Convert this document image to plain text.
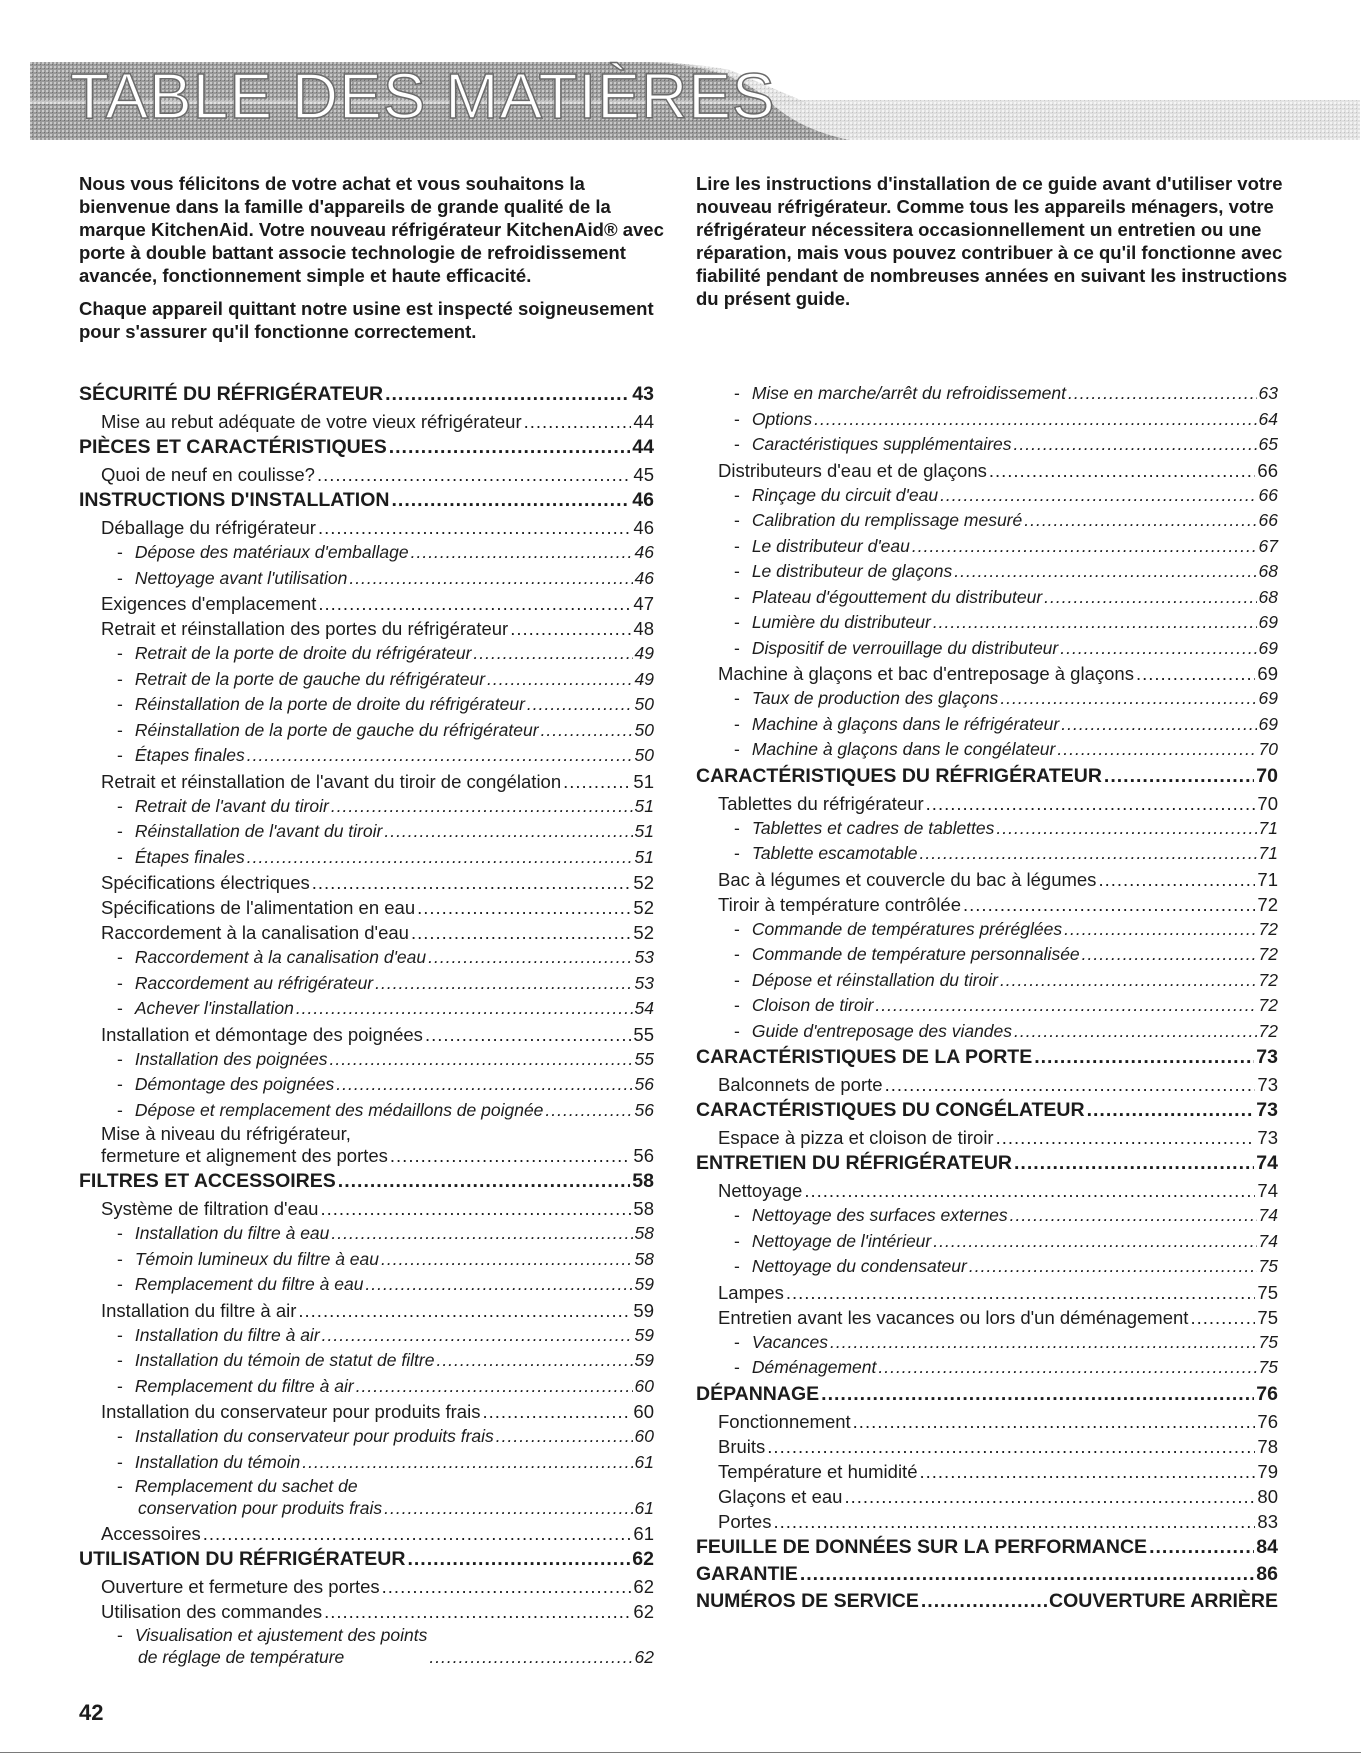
TABLE DES MATIÈRES

Nous vous félicitons de votre achat et vous souhaitons la bienvenue dans la famille d'appareils de grande qualité de la marque KitchenAid. Votre nouveau réfrigérateur KitchenAid® avec porte à double battant associe technologie de refroidissement avancée, fonctionnement simple et haute efficacité.

Chaque appareil quittant notre usine est inspecté soigneusement pour s'assurer qu'il fonctionne correctement.

Lire les instructions d'installation de ce guide avant d'utiliser votre nouveau réfrigérateur. Comme tous les appareils ménagers, votre réfrigérateur nécessitera occasionnellement un entretien ou une réparation, mais vous pouvez contribuer à ce qu'il fonctionne avec fiabilité pendant de nombreuses années en suivant les instructions du présent guide.

SÉCURITÉ DU RÉFRIGÉRATEUR .....	43
Mise au rebut adéquate de votre vieux réfrigérateur .....	44
PIÈCES ET CARACTÉRISTIQUES .....	44
Quoi de neuf en coulisse? .....	45
INSTRUCTIONS D'INSTALLATION .....	46
Déballage du réfrigérateur .....	46
- Dépose des matériaux d'emballage .....	46
- Nettoyage avant l'utilisation .....	46
Exigences d'emplacement .....	47
Retrait et réinstallation des portes du réfrigérateur .....	48
- Retrait de la porte de droite du réfrigérateur .....	49
- Retrait de la porte de gauche du réfrigérateur .....	49
- Réinstallation de la porte de droite du réfrigérateur .....	50
- Réinstallation de la porte de gauche du réfrigérateur .....	50
- Étapes finales .....	50
Retrait et réinstallation de l'avant du tiroir de congélation .....	51
- Retrait de l'avant du tiroir .....	51
- Réinstallation de l'avant du tiroir .....	51
- Étapes finales .....	51
Spécifications électriques .....	52
Spécifications de l'alimentation en eau .....	52
Raccordement à la canalisation d'eau .....	52
- Raccordement à la canalisation d'eau .....	53
- Raccordement au réfrigérateur .....	53
- Achever l'installation .....	54
Installation et démontage des poignées .....	55
- Installation des poignées .....	55
- Démontage des poignées .....	56
- Dépose et remplacement des médaillons de poignée .....	56
Mise à niveau du réfrigérateur,
fermeture et alignement des portes .....	56
FILTRES ET ACCESSOIRES .....	58
Système de filtration d'eau .....	58
- Installation du filtre à eau .....	58
- Témoin lumineux du filtre à eau .....	58
- Remplacement du filtre à eau .....	59
Installation du filtre à air .....	59
- Installation du filtre à air .....	59
- Installation du témoin de statut de filtre .....	59
- Remplacement du filtre à air .....	60
Installation du conservateur pour produits frais .....	60
- Installation du conservateur pour produits frais .....	60
- Installation du témoin .....	61
- Remplacement du sachet de
conservation pour produits frais .....	61
Accessoires .....	61
UTILISATION DU RÉFRIGÉRATEUR .....	62
Ouverture et fermeture des portes .....	62
Utilisation des commandes .....	62
- Visualisation et ajustement des points
de réglage de température .....	62
- Mise en marche/arrêt du refroidissement .....	63
- Options .....	64
- Caractéristiques supplémentaires .....	65
Distributeurs d'eau et de glaçons .....	66
- Rinçage du circuit d'eau .....	66
- Calibration du remplissage mesuré .....	66
- Le distributeur d'eau .....	67
- Le distributeur de glaçons .....	68
- Plateau d'égouttement du distributeur .....	68
- Lumière du distributeur .....	69
- Dispositif de verrouillage du distributeur .....	69
Machine à glaçons et bac d'entreposage à glaçons .....	69
- Taux de production des glaçons .....	69
- Machine à glaçons dans le réfrigérateur .....	69
- Machine à glaçons dans le congélateur .....	70
CARACTÉRISTIQUES DU RÉFRIGÉRATEUR .....	70
Tablettes du réfrigérateur .....	70
- Tablettes et cadres de tablettes .....	71
- Tablette escamotable .....	71
Bac à légumes et couvercle du bac à légumes .....	71
Tiroir à température contrôlée .....	72
- Commande de températures préréglées .....	72
- Commande de température personnalisée .....	72
- Dépose et réinstallation du tiroir .....	72
- Cloison de tiroir .....	72
- Guide d'entreposage des viandes .....	72
CARACTÉRISTIQUES DE LA PORTE .....	73
Balconnets de porte .....	73
CARACTÉRISTIQUES DU CONGÉLATEUR .....	73
Espace à pizza et cloison de tiroir .....	73
ENTRETIEN DU RÉFRIGÉRATEUR .....	74
Nettoyage .....	74
- Nettoyage des surfaces externes .....	74
- Nettoyage de l'intérieur .....	74
- Nettoyage du condensateur .....	75
Lampes .....	75
Entretien avant les vacances ou lors d'un déménagement .....	75
- Vacances .....	75
- Déménagement .....	75
DÉPANNAGE .....	76
Fonctionnement .....	76
Bruits .....	78
Température et humidité .....	79
Glaçons et eau .....	80
Portes .....	83
FEUILLE DE DONNÉES SUR LA PERFORMANCE .....	84
GARANTIE .....	86
NUMÉROS DE SERVICE .....	COUVERTURE ARRIÈRE
42
